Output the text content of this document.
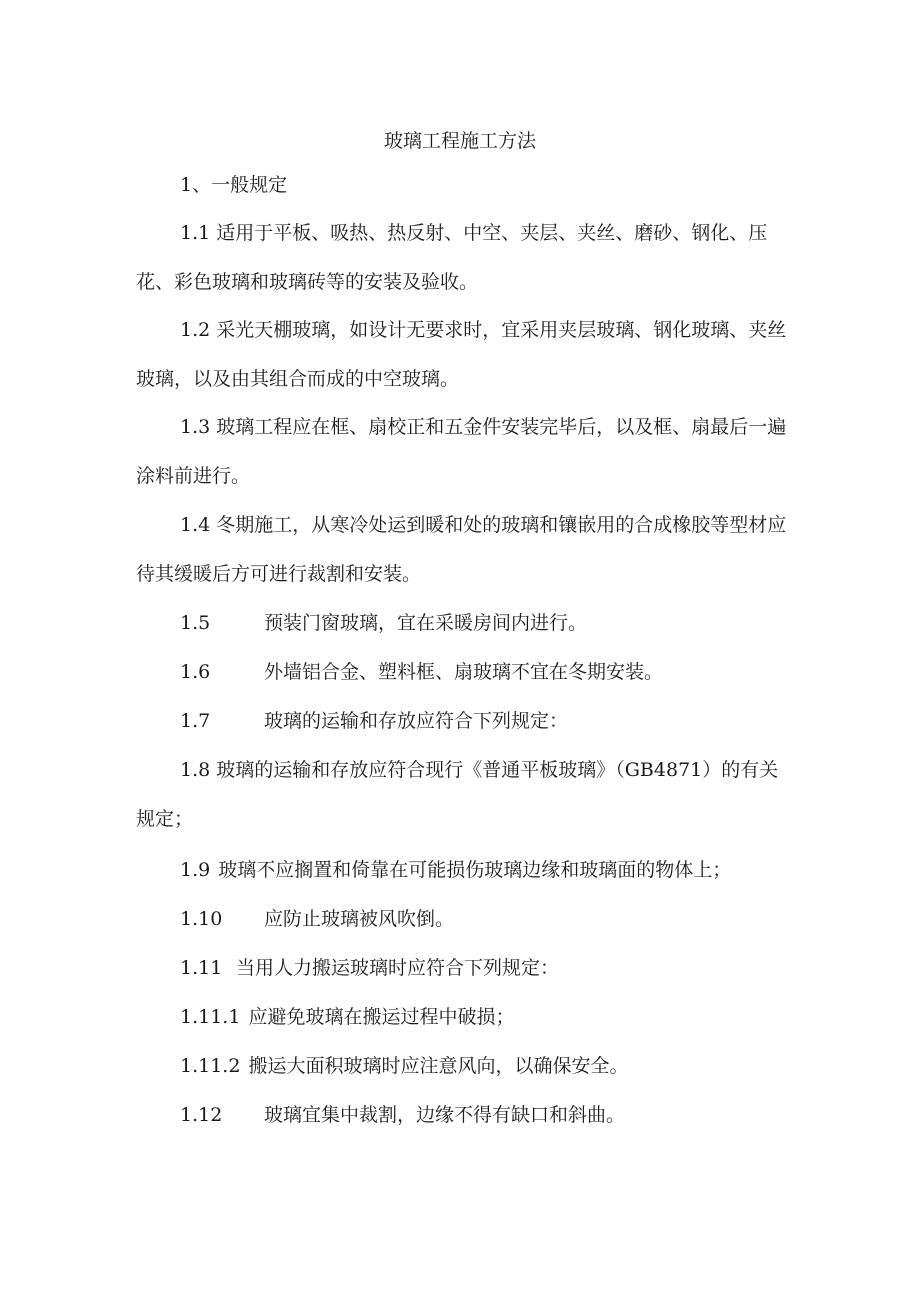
玻璃工程施工方法
1、一般规定

1.1 适用于平板、吸热、热反射、中空、夹层、夹丝、磨砂、钢化、压花、彩色玻璃和玻璃砖等的安装及验收。

1.2 采光天棚玻璃，如设计无要求时，宜采用夹层玻璃、钢化玻璃、夹丝玻璃，以及由其组合而成的中空玻璃。

1.3 玻璃工程应在框、扇校正和五金件安装完毕后，以及框、扇最后一遍涂料前进行。

1.4 冬期施工，从寒冷处运到暖和处的玻璃和镶嵌用的合成橡胶等型材应待其缓暖后方可进行裁割和安装。

1.5	预装门窗玻璃，宜在采暖房间内进行。
1.6	外墙铝合金、塑料框、扇玻璃不宜在冬期安装。
1.7	玻璃的运输和存放应符合下列规定：

1.8 玻璃的运输和存放应符合现行《普通平板玻璃》（GB4871）的有关规定；

1.9 玻璃不应搁置和倚靠在可能损伤玻璃边缘和玻璃面的物体上；
1.10 应防止玻璃被风吹倒。
1.11 当用人力搬运玻璃时应符合下列规定：
1.11.1 应避免玻璃在搬运过程中破损；
1.11.2 搬运大面积玻璃时应注意风向，以确保安全。
1.12 玻璃宜集中裁割，边缘不得有缺口和斜曲。
